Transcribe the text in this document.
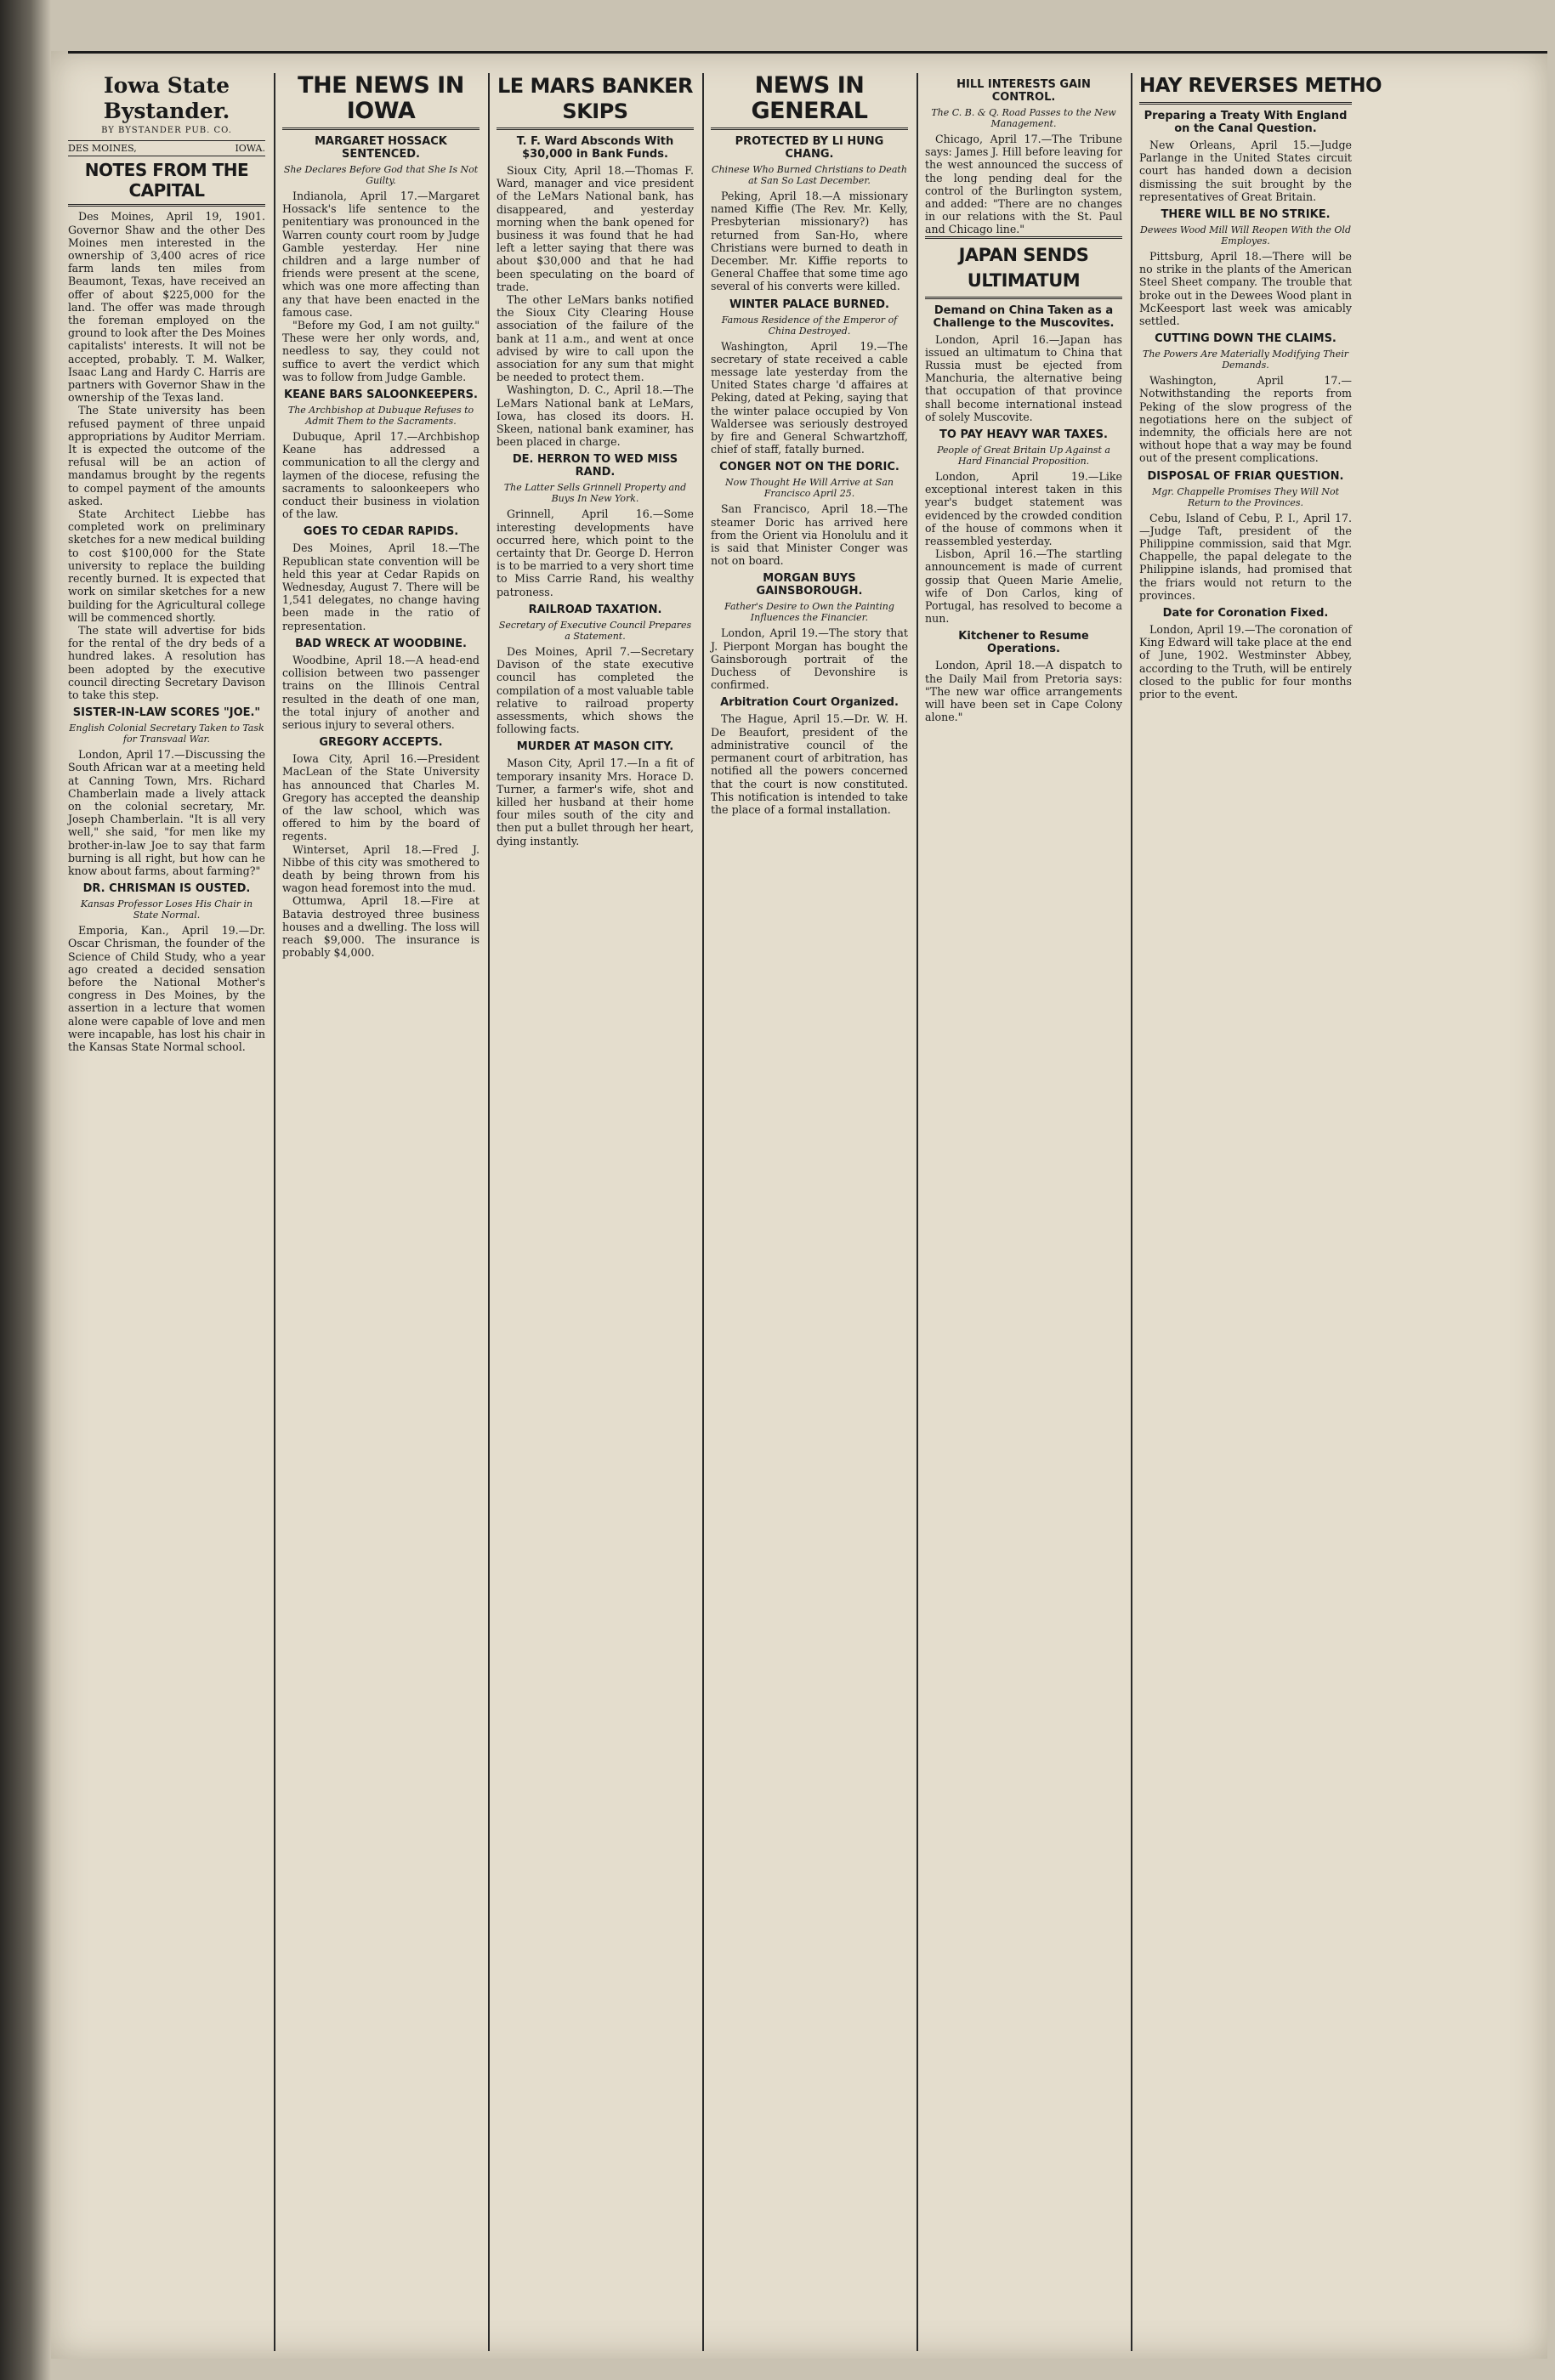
Iowa State Bystander.
BY BYSTANDER PUB. CO.
DES MOINES,	IOWA.
NOTES FROM THE CAPITAL

Des Moines, April 19, 1901. Governor Shaw and the other Des Moines men interested in the ownership of 3,400 acres of rice farm lands ten miles from Beaumont, Texas, have received an offer of about $225,000 for the land. The offer was made through the foreman employed on the ground to look after the Des Moines capitalists' interests. It will not be accepted, probably. T. M. Walker, Isaac Lang and Hardy C. Harris are partners with Governor Shaw in the ownership of the Texas land.

The State university has been refused payment of three unpaid appropriations by Auditor Merriam. It is expected the outcome of the refusal will be an action of mandamus brought by the regents to compel payment of the amounts asked.

State Architect Liebbe has completed work on preliminary sketches for a new medical building to cost $100,000 for the State university to replace the building recently burned. It is expected that work on similar sketches for a new building for the Agricultural college will be commenced shortly.

The state will advertise for bids for the rental of the dry beds of a hundred lakes. A resolution has been adopted by the executive council directing Secretary Davison to take this step.

SISTER-IN-LAW SCORES "JOE."
English Colonial Secretary Taken to Task for Transvaal War.

London, April 17.—Discussing the South African war at a meeting held at Canning Town, Mrs. Richard Chamberlain made a lively attack on the colonial secretary, Mr. Joseph Chamberlain. "It is all very well," she said, "for men like my brother-in-law Joe to say that farm burning is all right, but how can he know about farms, about farming?"

DR. CHRISMAN IS OUSTED.
Kansas Professor Loses His Chair in State Normal.

Emporia, Kan., April 19.—Dr. Oscar Chrisman, the founder of the Science of Child Study, who a year ago created a decided sensation before the National Mother's congress in Des Moines, by the assertion in a lecture that women alone were capable of love and men were incapable, has lost his chair in the Kansas State Normal school.

THE NEWS IN IOWA
MARGARET HOSSACK SENTENCED.
She Declares Before God that She Is Not Guilty.

Indianola, April 17.—Margaret Hossack's life sentence to the penitentiary was pronounced in the Warren county court room by Judge Gamble yesterday. Her nine children and a large number of friends were present at the scene, which was one more affecting than any that have been enacted in the famous case.

"Before my God, I am not guilty." These were her only words, and, needless to say, they could not suffice to avert the verdict which was to follow from Judge Gamble.

KEANE BARS SALOONKEEPERS.
The Archbishop at Dubuque Refuses to Admit Them to the Sacraments.

Dubuque, April 17.—Archbishop Keane has addressed a communication to all the clergy and laymen of the diocese, refusing the sacraments to saloonkeepers who conduct their business in violation of the law.

GOES TO CEDAR RAPIDS.

Des Moines, April 18.—The Republican state convention will be held this year at Cedar Rapids on Wednesday, August 7. There will be 1,541 delegates, no change having been made in the ratio of representation.

BAD WRECK AT WOODBINE.

Woodbine, April 18.—A head-end collision between two passenger trains on the Illinois Central resulted in the death of one man, the total injury of another and serious injury to several others.

GREGORY ACCEPTS.

Iowa City, April 16.—President MacLean of the State University has announced that Charles M. Gregory has accepted the deanship of the law school, which was offered to him by the board of regents.

Winterset, April 18.—Fred J. Nibbe of this city was smothered to death by being thrown from his wagon head foremost into the mud.

Ottumwa, April 18.—Fire at Batavia destroyed three business houses and a dwelling. The loss will reach $9,000. The insurance is probably $4,000.

LE MARS BANKER SKIPS
T. F. Ward Absconds With $30,000 in Bank Funds.

Sioux City, April 18.—Thomas F. Ward, manager and vice president of the LeMars National bank, has disappeared, and yesterday morning when the bank opened for business it was found that he had left a letter saying that there was about $30,000 and that he had been speculating on the board of trade.

The other LeMars banks notified the Sioux City Clearing House association of the failure of the bank at 11 a.m., and went at once advised by wire to call upon the association for any sum that might be needed to protect them.

Washington, D. C., April 18.—The LeMars National bank at LeMars, Iowa, has closed its doors. H. Skeen, national bank examiner, has been placed in charge.

DE. HERRON TO WED MISS RAND.
The Latter Sells Grinnell Property and Buys In New York.

Grinnell, April 16.—Some interesting developments have occurred here, which point to the certainty that Dr. George D. Herron is to be married to a very short time to Miss Carrie Rand, his wealthy patroness.

RAILROAD TAXATION.
Secretary of Executive Council Prepares a Statement.

Des Moines, April 7.—Secretary Davison of the state executive council has completed the compilation of a most valuable table relative to railroad property assessments, which shows the following facts.

MURDER AT MASON CITY.

Mason City, April 17.—In a fit of temporary insanity Mrs. Horace D. Turner, a farmer's wife, shot and killed her husband at their home four miles south of the city and then put a bullet through her heart, dying instantly.

NEWS IN GENERAL
PROTECTED BY LI HUNG CHANG.
Chinese Who Burned Christians to Death at San So Last December.

Peking, April 18.—A missionary named Kiffie (The Rev. Mr. Kelly, Presbyterian missionary?) has returned from San-Ho, where Christians were burned to death in December. Mr. Kiffie reports to General Chaffee that some time ago several of his converts were killed.

WINTER PALACE BURNED.
Famous Residence of the Emperor of China Destroyed.

Washington, April 19.—The secretary of state received a cable message late yesterday from the United States charge 'd affaires at Peking, dated at Peking, saying that the winter palace occupied by Von Waldersee was seriously destroyed by fire and General Schwartzhoff, chief of staff, fatally burned.

CONGER NOT ON THE DORIC.
Now Thought He Will Arrive at San Francisco April 25.

San Francisco, April 18.—The steamer Doric has arrived here from the Orient via Honolulu and it is said that Minister Conger was not on board.

MORGAN BUYS GAINSBOROUGH.
Father's Desire to Own the Painting Influences the Financier.

London, April 19.—The story that J. Pierpont Morgan has bought the Gainsborough portrait of the Duchess of Devonshire is confirmed.

Arbitration Court Organized.

The Hague, April 15.—Dr. W. H. De Beaufort, president of the administrative council of the permanent court of arbitration, has notified all the powers concerned that the court is now constituted. This notification is intended to take the place of a formal installation.

HILL INTERESTS GAIN CONTROL.
The C. B. & Q. Road Passes to the New Management.

Chicago, April 17.—The Tribune says: James J. Hill before leaving for the west announced the success of the long pending deal for the control of the Burlington system, and added: "There are no changes in our relations with the St. Paul and Chicago line."

JAPAN SENDS ULTIMATUM
Demand on China Taken as a Challenge to the Muscovites.

London, April 16.—Japan has issued an ultimatum to China that Russia must be ejected from Manchuria, the alternative being that occupation of that province shall become international instead of solely Muscovite.

TO PAY HEAVY WAR TAXES.
People of Great Britain Up Against a Hard Financial Proposition.

London, April 19.—Like exceptional interest taken in this year's budget statement was evidenced by the crowded condition of the house of commons when it reassembled yesterday.

Lisbon, April 16.—The startling announcement is made of current gossip that Queen Marie Amelie, wife of Don Carlos, king of Portugal, has resolved to become a nun.

Kitchener to Resume Operations.

London, April 18.—A dispatch to the Daily Mail from Pretoria says: "The new war office arrangements will have been set in Cape Colony alone."

HAY REVERSES METHO
Preparing a Treaty With England on the Canal Question.

New Orleans, April 15.—Judge Parlange in the United States circuit court has handed down a decision dismissing the suit brought by the representatives of Great Britain.

THERE WILL BE NO STRIKE.
Dewees Wood Mill Will Reopen With the Old Employes.

Pittsburg, April 18.—There will be no strike in the plants of the American Steel Sheet company. The trouble that broke out in the Dewees Wood plant in McKeesport last week was amicably settled.

CUTTING DOWN THE CLAIMS.
The Powers Are Materially Modifying Their Demands.

Washington, April 17.—Notwithstanding the reports from Peking of the slow progress of the negotiations here on the subject of indemnity, the officials here are not without hope that a way may be found out of the present complications.

DISPOSAL OF FRIAR QUESTION.
Mgr. Chappelle Promises They Will Not Return to the Provinces.

Cebu, Island of Cebu, P. I., April 17.—Judge Taft, president of the Philippine commission, said that Mgr. Chappelle, the papal delegate to the Philippine islands, had promised that the friars would not return to the provinces.

Date for Coronation Fixed.

London, April 19.—The coronation of King Edward will take place at the end of June, 1902. Westminster Abbey, according to the Truth, will be entirely closed to the public for four months prior to the event.
